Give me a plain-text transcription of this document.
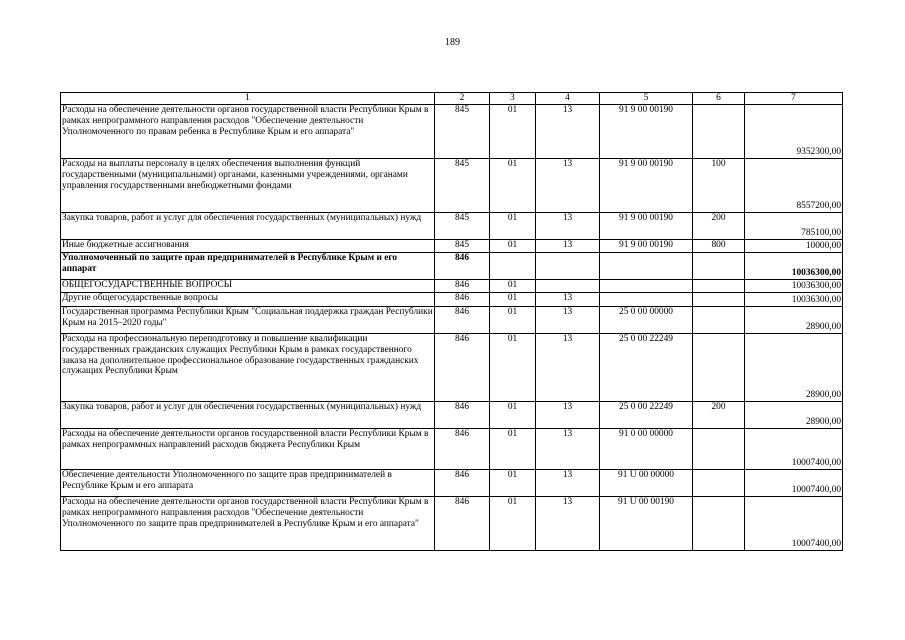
189
1	2	3	4	5	6	7
Расходы на обеспечение деятельности органов государственной власти Республики Крым в рамках непрограммного направления расходов "Обеспечение деятельности Уполномоченного по правам ребенка в Республике Крым и его аппарата"	845	01	13	91 9 00 00190		9352300,00
Расходы на выплаты персоналу в целях обеспечения выполнения функций государственными (муниципальными) органами, казенными учреждениями, органами управления государственными внебюджетными фондами	845	01	13	91 9 00 00190	100	8557200,00
Закупка товаров, работ и услуг для обеспечения государственных (муниципальных) нужд	845	01	13	91 9 00 00190	200	785100,00
Иные бюджетные ассигнования	845	01	13	91 9 00 00190	800	10000,00
Уполномоченный по защите прав предпринимателей в Республике Крым и его аппарат	846					10036300,00
ОБЩЕГОСУДАРСТВЕННЫЕ ВОПРОСЫ	846	01				10036300,00
Другие общегосударственные вопросы	846	01	13			10036300,00
Государственная программа Республики Крым "Социальная поддержка граждан Республики Крым на 2015–2020 годы"	846	01	13	25 0 00 00000		28900,00
Расходы на профессиональную переподготовку и повышение квалификации государственных гражданских служащих Республики Крым в рамках государственного заказа на дополнительное профессиональное образование государственных гражданских служащих Республики Крым	846	01	13	25 0 00 22249		28900,00
Закупка товаров, работ и услуг для обеспечения государственных (муниципальных) нужд	846	01	13	25 0 00 22249	200	28900,00
Расходы на обеспечение деятельности органов государственной власти Республики Крым в рамках непрограммных направлений расходов бюджета Республики Крым	846	01	13	91 0 00 00000		10007400,00
Обеспечение деятельности Уполномоченного по защите прав предпринимателей в Республике Крым и его аппарата	846	01	13	91 U 00 00000		10007400,00
Расходы на обеспечение деятельности органов государственной власти Республики Крым в рамках непрограммного направления расходов "Обеспечение деятельности Уполномоченного по защите прав предпринимателей в Республике Крым и его аппарата"	846	01	13	91 U 00 00190		10007400,00
